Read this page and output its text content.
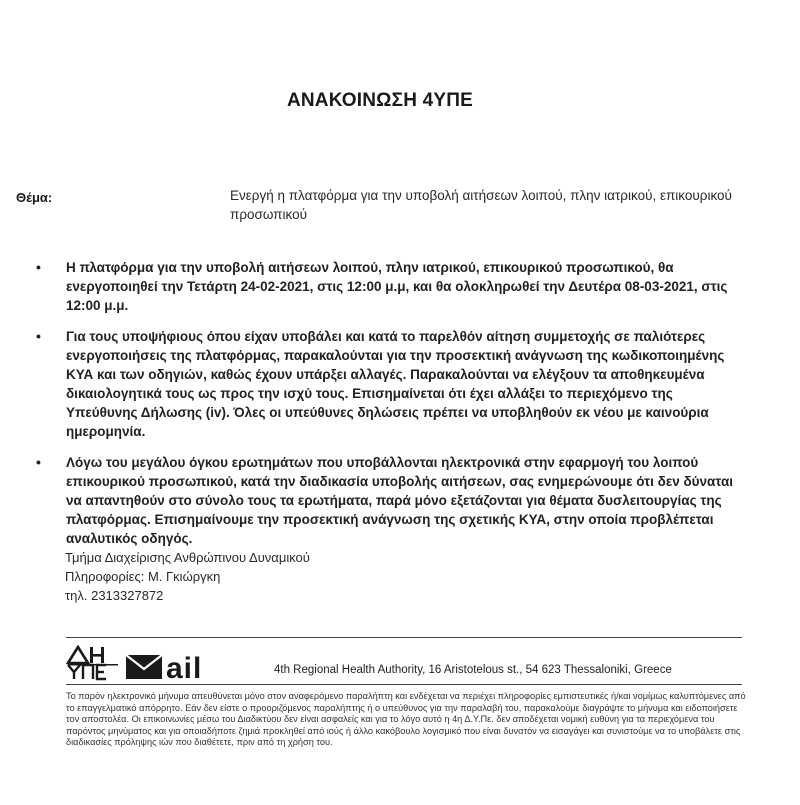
ΑΝΑΚΟΙΝΩΣΗ 4ΥΠΕ
Θέμα:	Ενεργή η πλατφόρμα για την υποβολή αιτήσεων λοιπού, πλην ιατρικού, επικουρικού προσωπικού
• Η πλατφόρμα για την υποβολή αιτήσεων λοιπού, πλην ιατρικού, επικουρικού προσωπικού, θα ενεργοποιηθεί την Τετάρτη 24-02-2021, στις 12:00 μ.μ, και θα ολοκληρωθεί την Δευτέρα 08-03-2021, στις 12:00 μ.μ.
• Για τους υποψήφιους όπου είχαν υποβάλει και κατά το παρελθόν αίτηση συμμετοχής σε παλιότερες ενεργοποιήσεις της πλατφόρμας, παρακαλούνται για την προσεκτική ανάγνωση της κωδικοποιημένης ΚΥΑ και των οδηγιών, καθώς έχουν υπάρξει αλλαγές. Παρακαλούνται να ελέγξουν τα αποθηκευμένα δικαιολογητικά τους ως προς την ισχύ τους. Επισημαίνεται ότι έχει αλλάξει το περιεχόμενο της Υπεύθυνης Δήλωσης (iv). Όλες οι υπεύθυνες δηλώσεις πρέπει να υποβληθούν εκ νέου με καινούρια ημερομηνία.
• Λόγω του μεγάλου όγκου ερωτημάτων που υποβάλλονται ηλεκτρονικά στην εφαρμογή του λοιπού επικουρικού προσωπικού, κατά την διαδικασία υποβολής αιτήσεων, σας ενημερώνουμε ότι δεν δύναται να απαντηθούν στο σύνολο τους τα ερωτήματα, παρά μόνο εξετάζονται για θέματα δυσλειτουργίας της πλατφόρμας. Επισημαίνουμε την προσεκτική ανάγνωση της σχετικής ΚΥΑ, στην οποία προβλέπεται αναλυτικός οδηγός.
Τμήμα Διαχείρισης Ανθρώπινου Δυναμικού
Πληροφορίες: Μ. Γκιώργκη
τηλ. 2313327872
ail	4th Regional Health Authority, 16 Aristotelous st., 54 623 Thessaloniki, Greece
Το παρόν ηλεκτρονικό μήνυμα απευθύνεται μόνο στον αναφερόμενο παραλήπτη και ενδέχεται να περιέχει πληροφορίες εμπιστευτικές ή/και νομίμως καλυπτόμενες από το επαγγελματικό απόρρητο. Εάν δεν είστε ο προοριζόμενος παραλήπτης ή ο υπεύθυνος για την παραλαβή του, παρακαλούμε διαγράψτε το μήνυμα και ειδοποιήσετε τον αποστολέα. Οι επικοινωνίες μέσω του Διαδικτύου δεν είναι ασφαλείς και για το λόγο αυτό η 4η Δ.Υ.Πε. δεν αποδέχεται νομική ευθύνη για τα περιεχόμενα του παρόντος μηνύματος και για οποιαδήποτε ζημιά προκληθεί από ιούς ή άλλο κακόβουλο λογισμικό που είναι δυνατόν να εισαγάγει και συνιστούμε να το υποβάλετε στις διαδικασίες πρόληψης ιών που διαθέτετε, πριν από τη χρήση του.
